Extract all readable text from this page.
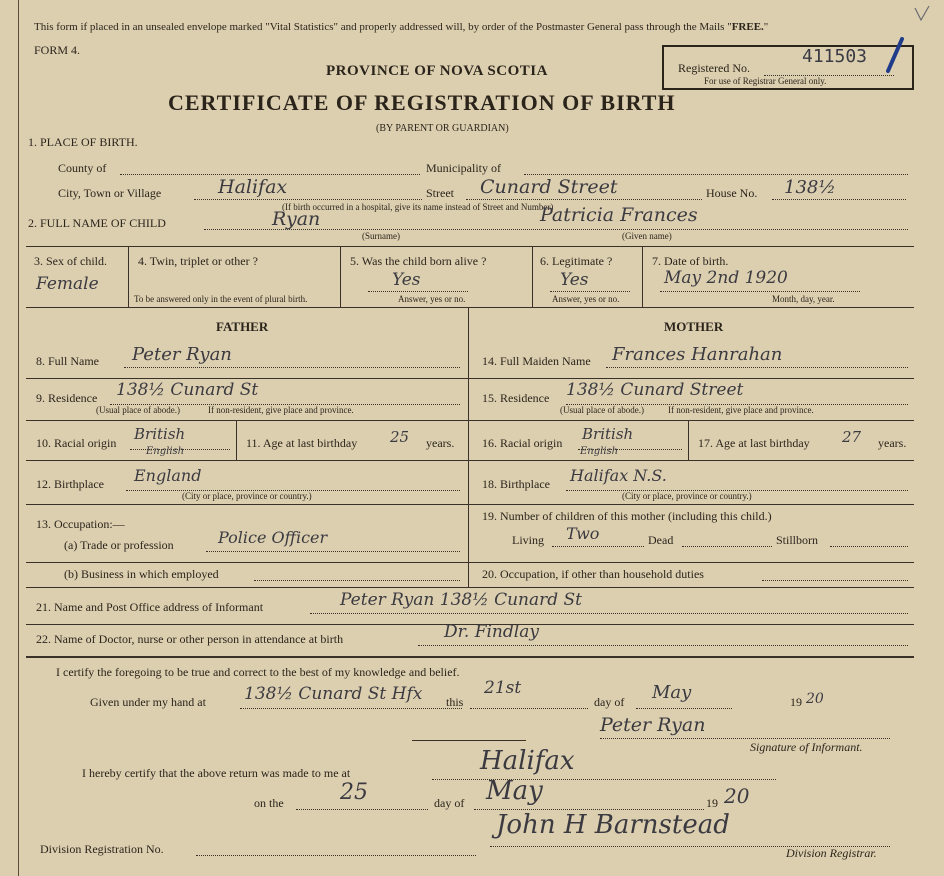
This form if placed in an unsealed envelope marked "Vital Statistics" and properly addressed will, by order of the Postmaster General pass through the Mails "FREE."
FORM 4.
PROVINCE OF NOVA SCOTIA
CERTIFICATE OF REGISTRATION OF BIRTH
(BY PARENT OR GUARDIAN)
Registered No.
411503
For use of Registrar General only.
1. PLACE OF BIRTH.
County of	Municipality of
City, Town or Village	Halifax	Street Cunard Street	House No. 138½
(If birth occurred in a hospital, give its name instead of Street and Number)
2. FULL NAME OF CHILD	Ryan	Patricia Frances
(Surname)	(Given name)
3. Sex of child.
Female
4. Twin, triplet or other ?
To be answered only in the event of plural birth.
5. Was the child born alive ?
Yes
Answer, yes or no.
6. Legitimate ?
Yes
Answer, yes or no.
7. Date of birth.
May 2nd 1920
Month, day, year.
FATHER	MOTHER
8. Full Name Peter Ryan
9. Residence 138½ Cunard St
(Usual place of abode.)	If non-resident, give place and province.
10. Racial origin British
English
11. Age at last birthday 25 years.
12. Birthplace England
(City or place, province or country.)
13. Occupation:—
(a) Trade or profession	Police Officer
(b) Business in which employed
14. Full Maiden Name Frances Hanrahan
15. Residence 138½ Cunard Street
(Usual place of abode.)	If non-resident, give place and province.
16. Racial origin British
English
17. Age at last birthday 27 years.
18. Birthplace Halifax N.S.
(City or place, province or country.)
19. Number of children of this mother (including this child.)
Living Two	Dead	Stillborn
20. Occupation, if other than household duties
21. Name and Post Office address of Informant	Peter Ryan 138½ Cunard St
22. Name of Doctor, nurse or other person in attendance at birth	Dr. Findlay
I certify the foregoing to be true and correct to the best of my knowledge and belief.
Given under my hand at 138½ Cunard St Hfx this
21st
day of May	19 20
Peter Ryan
Signature of Informant.
I hereby certify that the above return was made to me at	Halifax
on the	25	day of May	19 20
Division Registration No.
John H Barnstead
Division Registrar.
